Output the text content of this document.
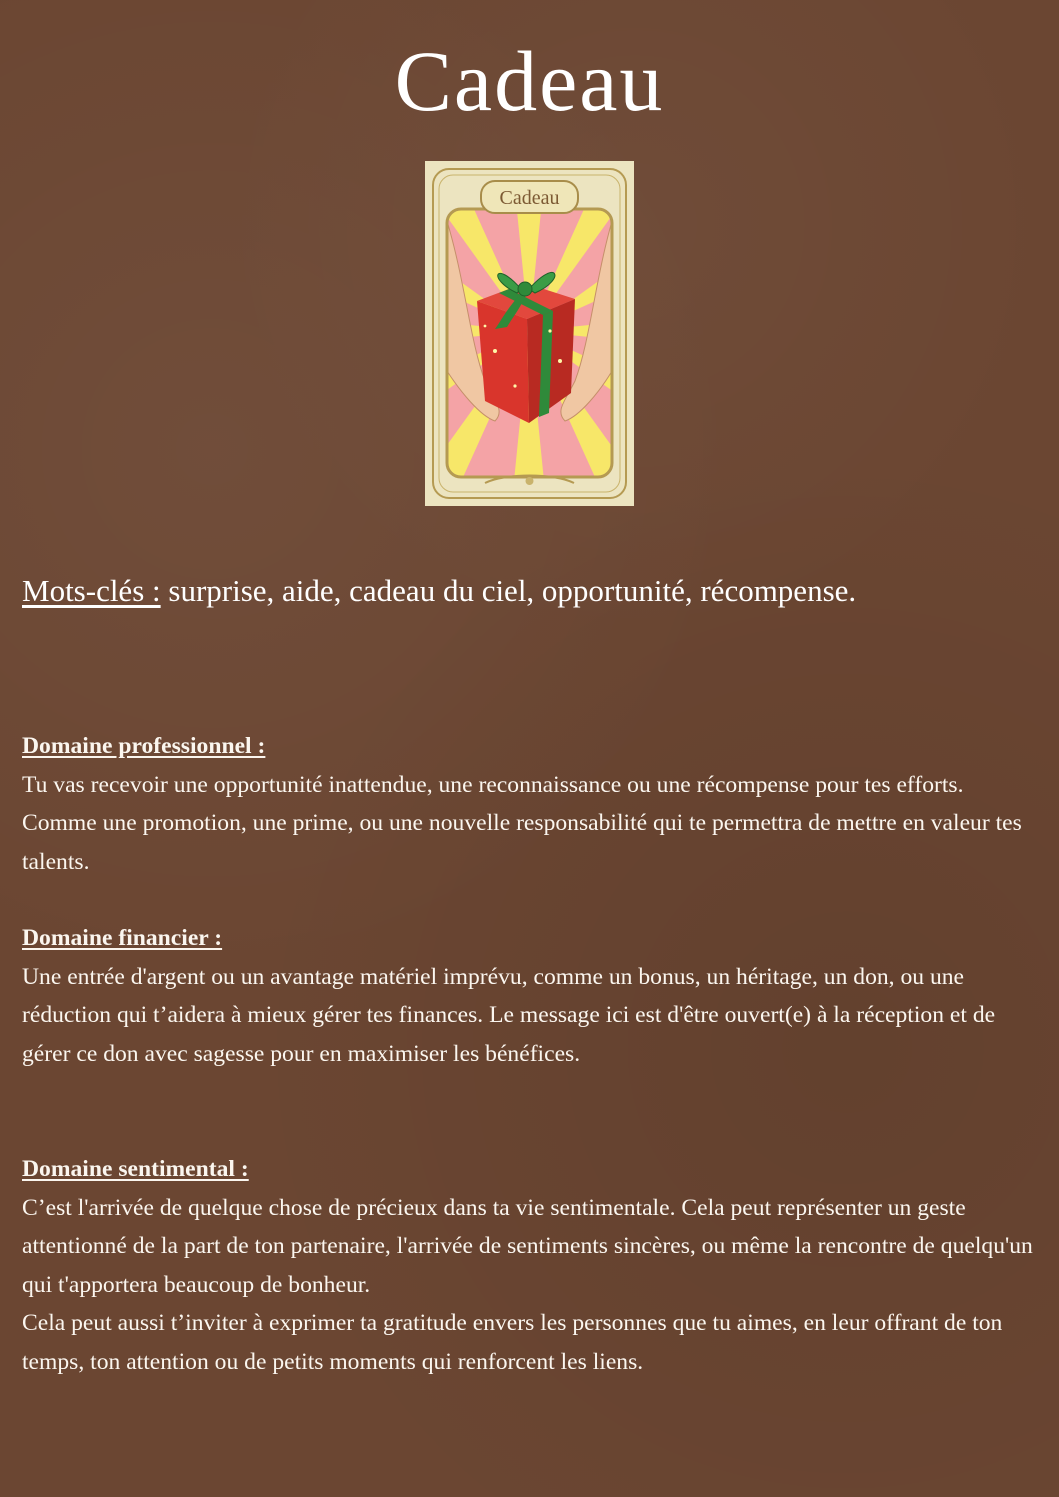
Cadeau
Cadeau
Mots-clés : surprise, aide, cadeau du ciel, opportunité, récompense.
Domaine professionnel :

Tu vas recevoir une opportunité inattendue, une reconnaissance ou une récompense pour tes efforts. Comme une promotion, une prime, ou une nouvelle responsabilité qui te permettra de mettre en valeur tes talents.

Domaine financier :

Une entrée d'argent ou un avantage matériel imprévu, comme un bonus, un héritage, un don, ou une réduction qui t’aidera à mieux gérer tes finances. Le message ici est d'être ouvert(e) à la réception et de gérer ce don avec sagesse pour en maximiser les bénéfices.

Domaine sentimental :

C’est l'arrivée de quelque chose de précieux dans ta vie sentimentale. Cela peut représenter un geste attentionné de la part de ton partenaire, l'arrivée de sentiments sincères, ou même la rencontre de quelqu'un qui t'apportera beaucoup de bonheur.

Cela peut aussi t’inviter à exprimer ta gratitude envers les personnes que tu aimes, en leur offrant de ton temps, ton attention ou de petits moments qui renforcent les liens.
